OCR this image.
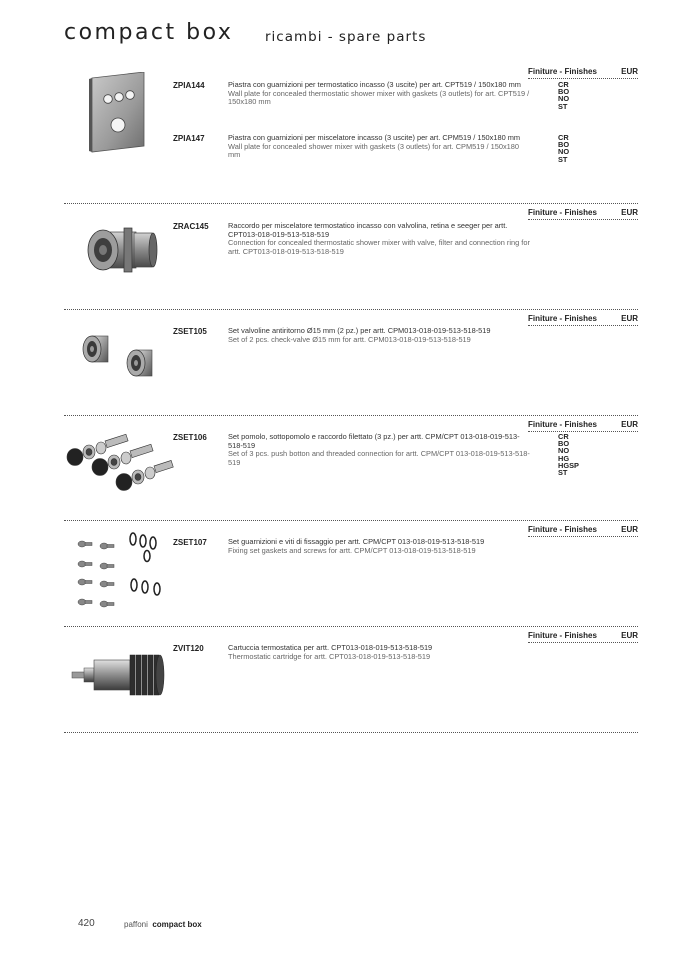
compact box ricambi - spare parts
Finiture - Finishes	EUR
ZPIA144	Piastra con guarnizioni per termostatico incasso (3 uscite) per art. CPT519 / 150x180 mm
Wall plate for concealed thermostatic shower mixer with gaskets (3 outlets) for art. CPT519 / 150x180 mm
CR
BO
NO
ST
ZPIA147	Piastra con guarnizioni per miscelatore incasso (3 uscite) per art. CPM519 / 150x180 mm
Wall plate for concealed shower mixer with gaskets (3 outlets) for art. CPM519 / 150x180 mm
CR
BO
NO
ST
Finiture - Finishes	EUR
ZRAC145	Raccordo per miscelatore termostatico incasso con valvolina, retina e seeger per artt. CPT013-018-019-513-518-519
Connection for concealed thermostatic shower mixer with valve, filter and connection ring for artt. CPT013-018-019-513-518-519
Finiture - Finishes	EUR
ZSET105	Set valvoline antiritorno Ø15 mm (2 pz.) per artt. CPM013-018-019-513-518-519
Set of 2 pcs. check-valve Ø15 mm for artt. CPM013-018-019-513-518-519
Finiture - Finishes	EUR
ZSET106	Set pomolo, sottopomolo e raccordo filettato (3 pz.) per artt. CPM/CPT 013-018-019-513-518-519
Set of 3 pcs. push botton and threaded connection for artt. CPM/CPT 013-018-019-513-518-519
CR
BO
NO
HG
HGSP
ST
Finiture - Finishes	EUR
ZSET107	Set guarnizioni e viti di fissaggio per artt. CPM/CPT 013-018-019-513-518-519
Fixing set gaskets and screws for artt. CPM/CPT 013-018-019-513-518-519
Finiture - Finishes	EUR
ZVIT120	Cartuccia termostatica per artt. CPT013-018-019-513-518-519
Thermostatic cartridge for artt. CPT013-018-019-513-518-519
420	paffoni compact box
